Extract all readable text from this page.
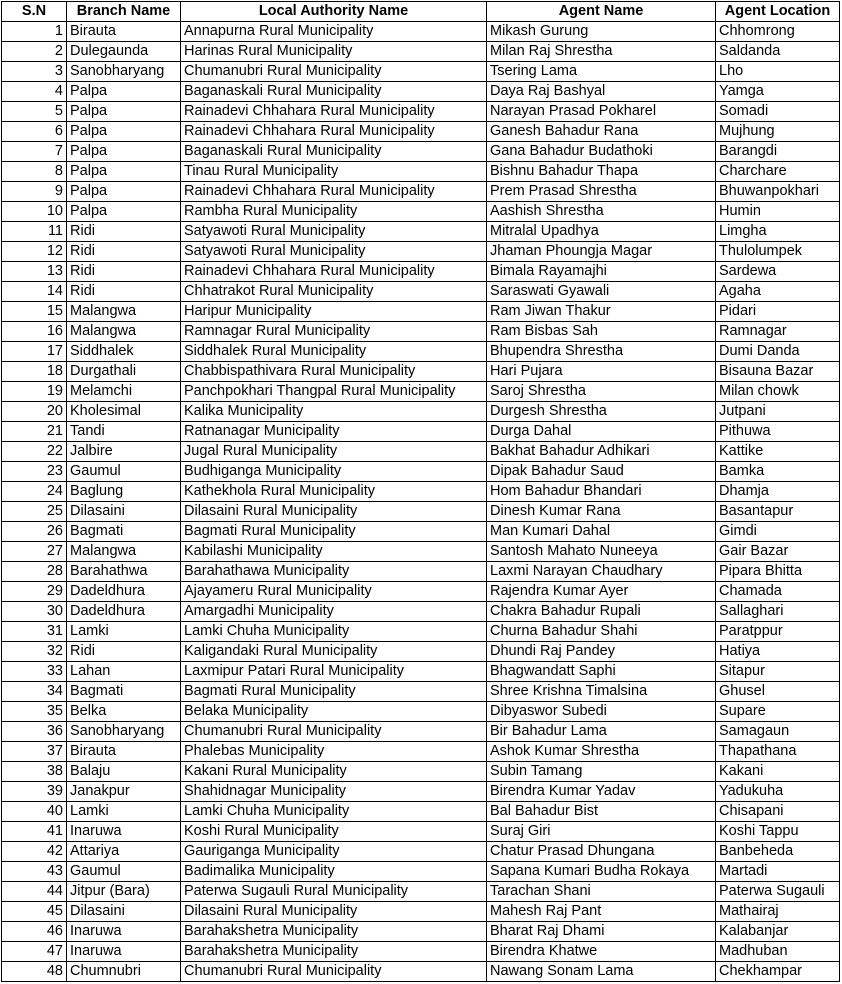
S.N	Branch Name	Local Authority Name	Agent Name	Agent Location
1	Birauta	Annapurna Rural Municipality	Mikash Gurung	Chhomrong
2	Dulegaunda	Harinas Rural Municipality	Milan Raj Shrestha	Saldanda
3	Sanobharyang	Chumanubri Rural Municipality	Tsering Lama	Lho
4	Palpa	Baganaskali Rural Municipality	Daya Raj Bashyal	Yamga
5	Palpa	Rainadevi Chhahara Rural Municipality	Narayan Prasad Pokharel	Somadi
6	Palpa	Rainadevi Chhahara Rural Municipality	Ganesh Bahadur Rana	Mujhung
7	Palpa	Baganaskali Rural Municipality	Gana Bahadur Budathoki	Barangdi
8	Palpa	Tinau Rural Municipality	Bishnu Bahadur Thapa	Charchare
9	Palpa	Rainadevi Chhahara Rural Municipality	Prem Prasad Shrestha	Bhuwanpokhari
10	Palpa	Rambha Rural Municipality	Aashish Shrestha	Humin
11	Ridi	Satyawoti Rural Municipality	Mitralal Upadhya	Limgha
12	Ridi	Satyawoti Rural Municipality	Jhaman Phoungja Magar	Thulolumpek
13	Ridi	Rainadevi Chhahara Rural Municipality	Bimala Rayamajhi	Sardewa
14	Ridi	Chhatrakot Rural Municipality	Saraswati Gyawali	Agaha
15	Malangwa	Haripur Municipality	Ram Jiwan Thakur	Pidari
16	Malangwa	Ramnagar Rural Municipality	Ram Bisbas Sah	Ramnagar
17	Siddhalek	Siddhalek Rural Municipality	Bhupendra Shrestha	Dumi Danda
18	Durgathali	Chabbispathivara Rural Municipality	Hari Pujara	Bisauna Bazar
19	Melamchi	Panchpokhari Thangpal Rural Municipality	Saroj Shrestha	Milan chowk
20	Kholesimal	Kalika Municipality	Durgesh Shrestha	Jutpani
21	Tandi	Ratnanagar Municipality	Durga Dahal	Pithuwa
22	Jalbire	Jugal Rural Municipality	Bakhat Bahadur Adhikari	Kattike
23	Gaumul	Budhiganga Municipality	Dipak Bahadur Saud	Bamka
24	Baglung	Kathekhola Rural Municipality	Hom Bahadur Bhandari	Dhamja
25	Dilasaini	Dilasaini Rural Municipality	Dinesh Kumar Rana	Basantapur
26	Bagmati	Bagmati Rural Municipality	Man Kumari Dahal	Gimdi
27	Malangwa	Kabilashi Municipality	Santosh Mahato Nuneeya	Gair Bazar
28	Barahathwa	Barahathawa Municipality	Laxmi Narayan Chaudhary	Pipara Bhitta
29	Dadeldhura	Ajayameru Rural Municipality	Rajendra Kumar Ayer	Chamada
30	Dadeldhura	Amargadhi Municipality	Chakra Bahadur Rupali	Sallaghari
31	Lamki	Lamki Chuha Municipality	Churna Bahadur Shahi	Paratppur
32	Ridi	Kaligandaki Rural Municipality	Dhundi Raj Pandey	Hatiya
33	Lahan	Laxmipur Patari Rural Municipality	Bhagwandatt Saphi	Sitapur
34	Bagmati	Bagmati Rural Municipality	Shree Krishna Timalsina	Ghusel
35	Belka	Belaka Municipality	Dibyaswor Subedi	Supare
36	Sanobharyang	Chumanubri Rural Municipality	Bir Bahadur Lama	Samagaun
37	Birauta	Phalebas Municipality	Ashok Kumar Shrestha	Thapathana
38	Balaju	Kakani Rural Municipality	Subin Tamang	Kakani
39	Janakpur	Shahidnagar Municipality	Birendra Kumar Yadav	Yadukuha
40	Lamki	Lamki Chuha Municipality	Bal Bahadur Bist	Chisapani
41	Inaruwa	Koshi Rural Municipality	Suraj Giri	Koshi Tappu
42	Attariya	Gauriganga Municipality	Chatur Prasad Dhungana	Banbeheda
43	Gaumul	Badimalika Municipality	Sapana Kumari Budha Rokaya	Martadi
44	Jitpur (Bara)	Paterwa Sugauli Rural Municipality	Tarachan Shani	Paterwa Sugauli
45	Dilasaini	Dilasaini Rural Municipality	Mahesh Raj Pant	Mathairaj
46	Inaruwa	Barahakshetra Municipality	Bharat Raj Dhami	Kalabanjar
47	Inaruwa	Barahakshetra Municipality	Birendra Khatwe	Madhuban
48	Chumnubri	Chumanubri Rural Municipality	Nawang Sonam Lama	Chekhampar
